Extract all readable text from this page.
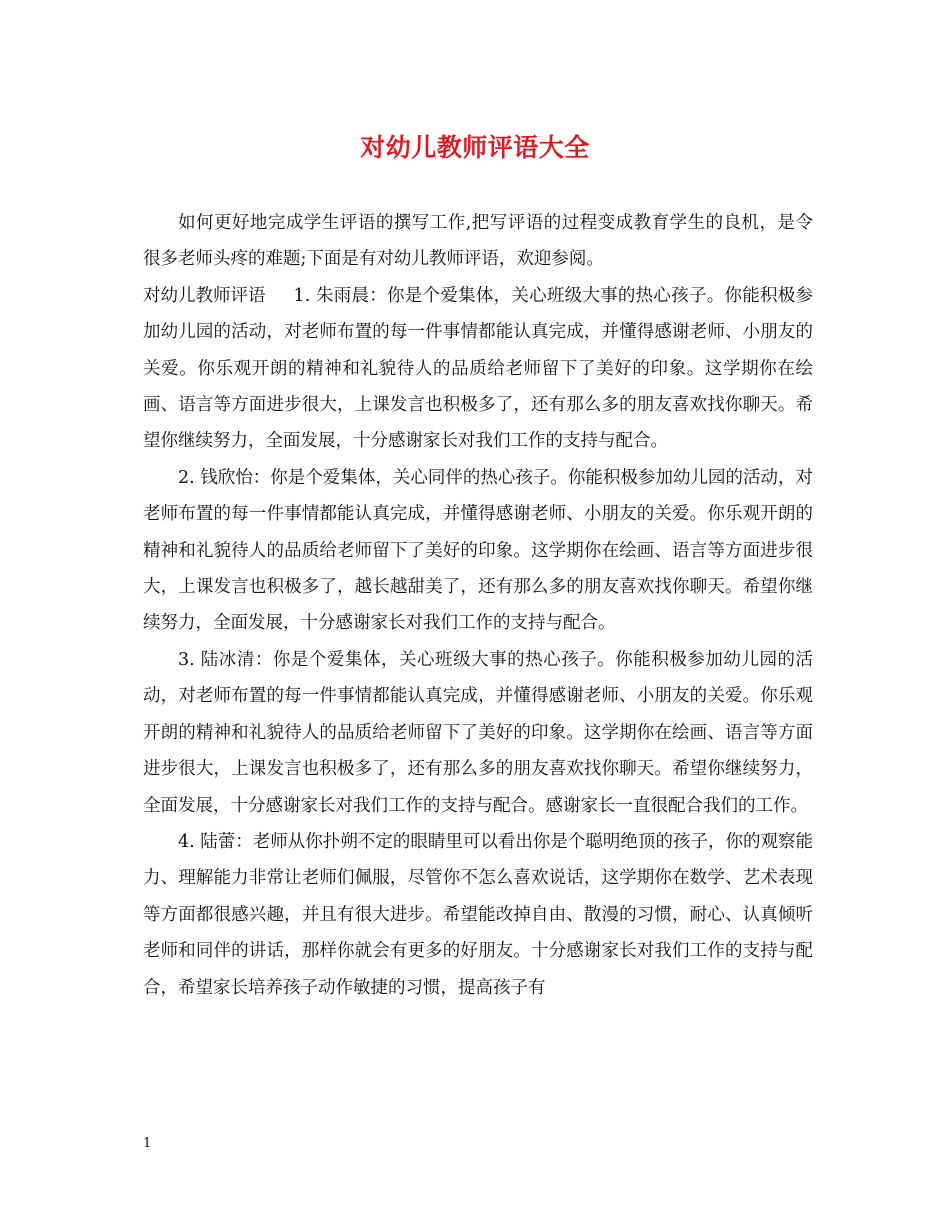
对幼儿教师评语大全

如何更好地完成学生评语的撰写工作,把写评语的过程变成教育学生的良机，是令很多老师头疼的难题;下面是有对幼儿教师评语，欢迎参阅。

对幼儿教师评语 1. 朱雨晨：你是个爱集体，关心班级大事的热心孩子。你能积极参加幼儿园的活动，对老师布置的每一件事情都能认真完成，并懂得感谢老师、小朋友的关爱。你乐观开朗的精神和礼貌待人的品质给老师留下了美好的印象。这学期你在绘画、语言等方面进步很大，上课发言也积极多了，还有那么多的朋友喜欢找你聊天。希望你继续努力，全面发展，十分感谢家长对我们工作的支持与配合。

2. 钱欣怡：你是个爱集体，关心同伴的热心孩子。你能积极参加幼儿园的活动，对老师布置的每一件事情都能认真完成，并懂得感谢老师、小朋友的关爱。你乐观开朗的精神和礼貌待人的品质给老师留下了美好的印象。这学期你在绘画、语言等方面进步很大，上课发言也积极多了，越长越甜美了，还有那么多的朋友喜欢找你聊天。希望你继续努力，全面发展，十分感谢家长对我们工作的支持与配合。

3. 陆冰清：你是个爱集体，关心班级大事的热心孩子。你能积极参加幼儿园的活动，对老师布置的每一件事情都能认真完成，并懂得感谢老师、小朋友的关爱。你乐观开朗的精神和礼貌待人的品质给老师留下了美好的印象。这学期你在绘画、语言等方面进步很大，上课发言也积极多了，还有那么多的朋友喜欢找你聊天。希望你继续努力，全面发展，十分感谢家长对我们工作的支持与配合。感谢家长一直很配合我们的工作。

4. 陆蕾：老师从你扑朔不定的眼睛里可以看出你是个聪明绝顶的孩子，你的观察能力、理解能力非常让老师们佩服，尽管你不怎么喜欢说话，这学期你在数学、艺术表现等方面都很感兴趣，并且有很大进步。希望能改掉自由、散漫的习惯，耐心、认真倾听老师和同伴的讲话，那样你就会有更多的好朋友。十分感谢家长对我们工作的支持与配合，希望家长培养孩子动作敏捷的习惯，提高孩子有

1
